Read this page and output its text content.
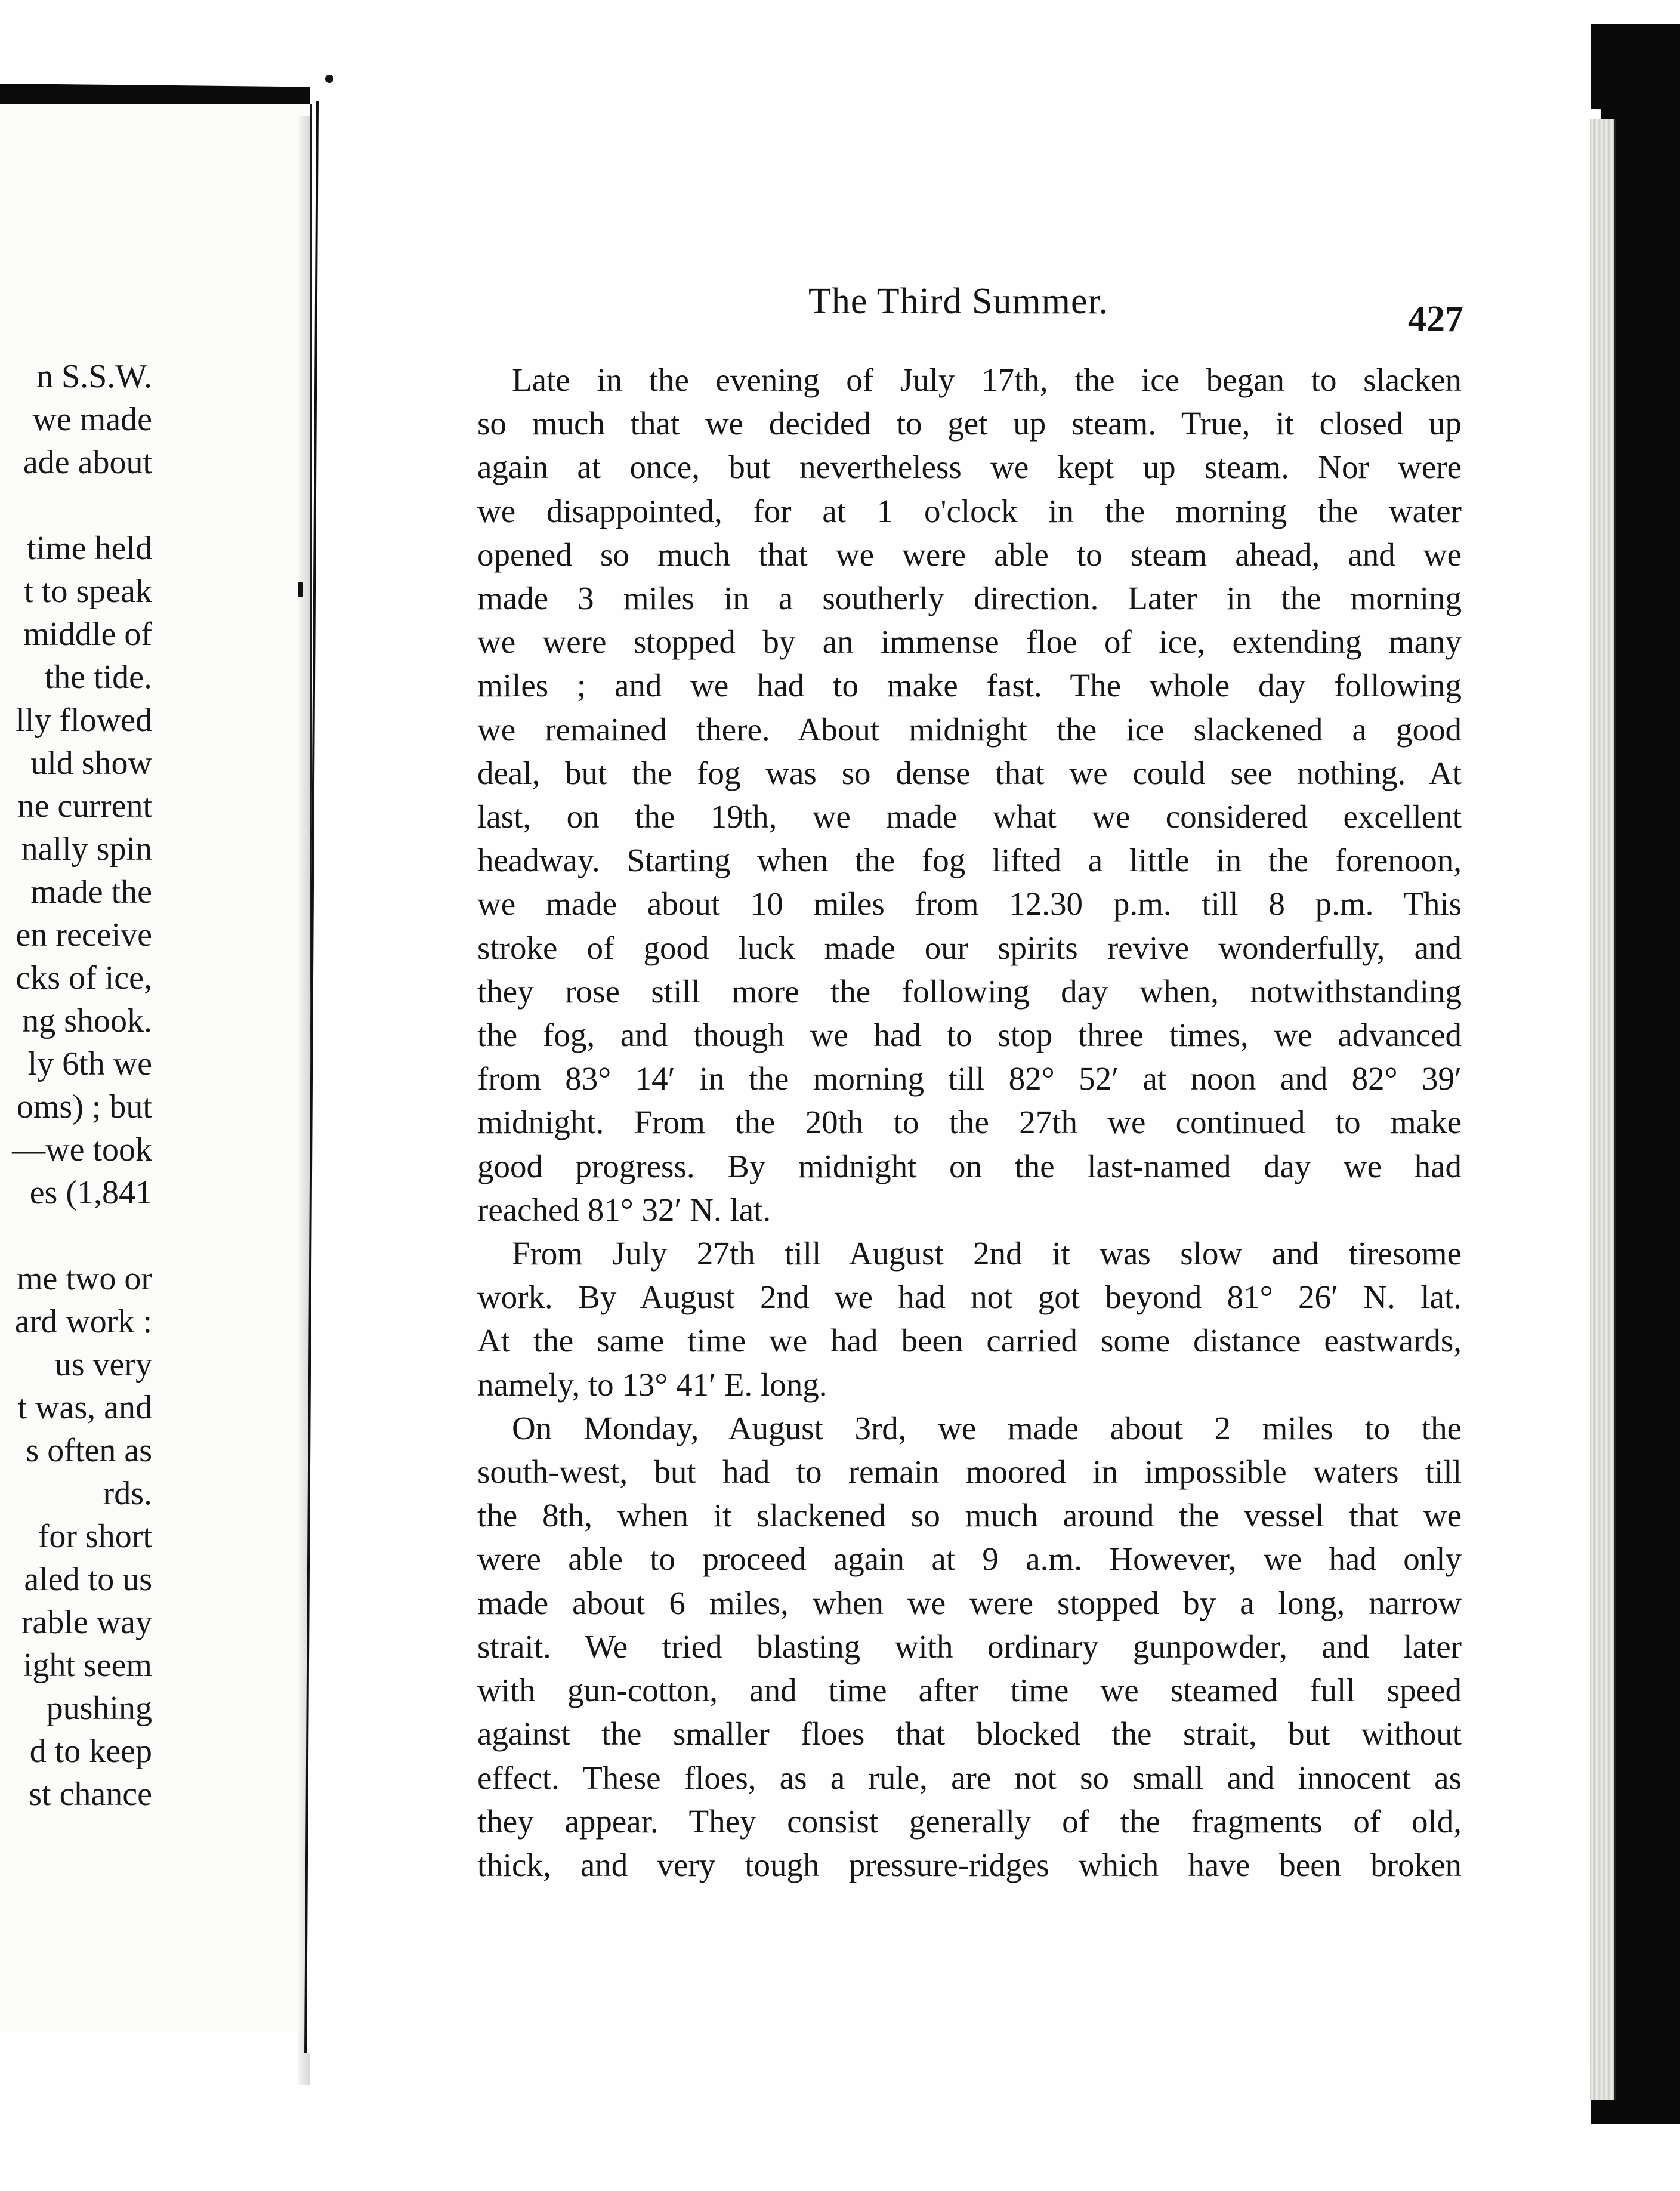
n S.S.W.
we made
ade about
time held
t to speak
middle of
the tide.
lly flowed
uld show
ne current
nally spin
made the
en receive
cks of ice,
ng shook.
ly 6th we
oms) ; but
—we took
es (1,841
me two or
ard work :
us very
t was, and
s often as
rds.
for short
aled to us
rable way
ight seem
pushing
d to keep
st chance
The Third Summer.	427
Late in the evening of July 17th, the ice began to slacken
so much that we decided to get up steam. True, it closed up
again at once, but nevertheless we kept up steam. Nor were
we disappointed, for at 1 o'clock in the morning the water
opened so much that we were able to steam ahead, and we
made 3 miles in a southerly direction. Later in the morning
we were stopped by an immense floe of ice, extending many
miles ; and we had to make fast. The whole day following
we remained there. About midnight the ice slackened a good
deal, but the fog was so dense that we could see nothing. At
last, on the 19th, we made what we considered excellent
headway. Starting when the fog lifted a little in the forenoon,
we made about 10 miles from 12.30 p.m. till 8 p.m. This
stroke of good luck made our spirits revive wonderfully, and
they rose still more the following day when, notwithstanding
the fog, and though we had to stop three times, we advanced
from 83° 14′ in the morning till 82° 52′ at noon and 82° 39′
midnight. From the 20th to the 27th we continued to make
good progress. By midnight on the last-named day we had
reached 81° 32′ N. lat.
From July 27th till August 2nd it was slow and tiresome
work. By August 2nd we had not got beyond 81° 26′ N. lat.
At the same time we had been carried some distance eastwards,
namely, to 13° 41′ E. long.
On Monday, August 3rd, we made about 2 miles to the
south-west, but had to remain moored in impossible waters till
the 8th, when it slackened so much around the vessel that we
were able to proceed again at 9 a.m. However, we had only
made about 6 miles, when we were stopped by a long, narrow
strait. We tried blasting with ordinary gunpowder, and later
with gun-cotton, and time after time we steamed full speed
against the smaller floes that blocked the strait, but without
effect. These floes, as a rule, are not so small and innocent as
they appear. They consist generally of the fragments of old,
thick, and very tough pressure-ridges which have been broken
